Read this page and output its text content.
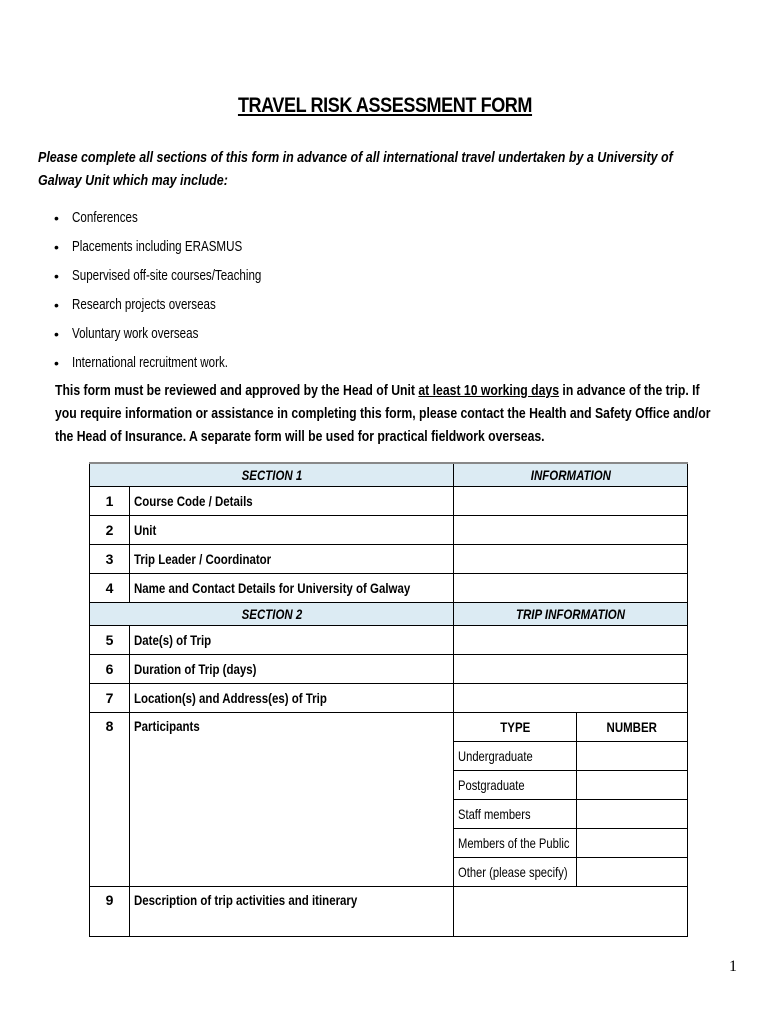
TRAVEL RISK ASSESSMENT FORM
Please complete all sections of this form in advance of all international travel undertaken by a University of Galway Unit which may include:
• Conferences
• Placements including ERASMUS
• Supervised off-site courses/Teaching
• Research projects overseas
• Voluntary work overseas
• International recruitment work.
This form must be reviewed and approved by the Head of Unit at least 10 working days in advance of the trip. If you require information or assistance in completing this form, please contact the Health and Safety Office and/or the Head of Insurance. A separate form will be used for practical fieldwork overseas.
SECTION 1		INFORMATION	
1	Course Code / Details		
2	Unit		
3	Trip Leader / Coordinator		
4	Name and Contact Details for University of Galway		
SECTION 2		TRIP INFORMATION	
5	Date(s) of Trip		
6	Duration of Trip (days)		
7	Location(s) and Address(es) of Trip		
8	Participants	TYPE	NUMBER
		Undergraduate	
		Postgraduate	
		Staff members	
		Members of the Public	
		Other (please specify)	
9	Description of trip activities and itinerary		
1
